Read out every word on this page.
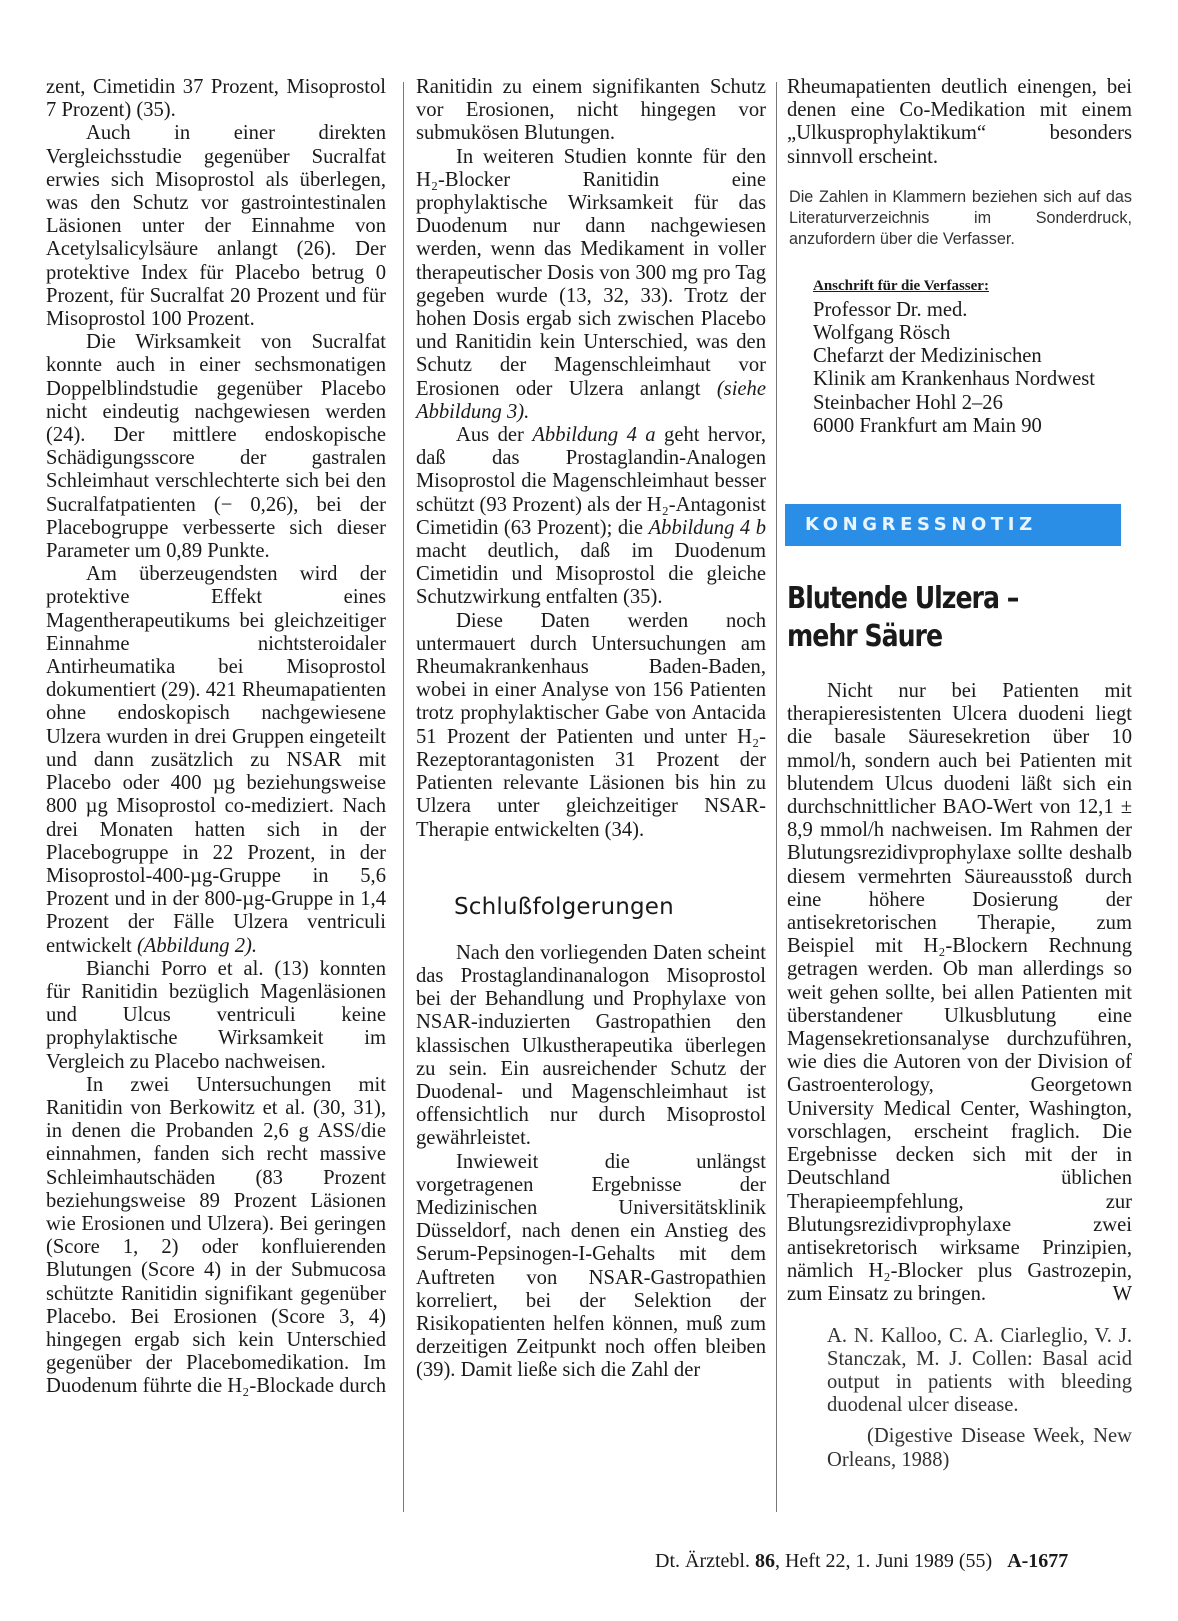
zent, Cimetidin 37 Prozent, Misoprostol 7 Prozent) (35).

Auch in einer direkten Vergleichsstudie gegenüber Sucralfat erwies sich Misoprostol als überlegen, was den Schutz vor gastrointestinalen Läsionen unter der Einnahme von Acetylsalicylsäure anlangt (26). Der protektive Index für Placebo betrug 0 Prozent, für Sucralfat 20 Prozent und für Misoprostol 100 Prozent.

Die Wirksamkeit von Sucralfat konnte auch in einer sechsmonatigen Doppelblindstudie gegenüber Placebo nicht eindeutig nachgewiesen werden (24). Der mittlere endoskopische Schädigungsscore der gastralen Schleimhaut verschlechterte sich bei den Sucralfatpatienten (− 0,26), bei der Placebogruppe verbesserte sich dieser Parameter um 0,89 Punkte.

Am überzeugendsten wird der protektive Effekt eines Magentherapeutikums bei gleichzeitiger Einnahme nichtsteroidaler Antirheumatika bei Misoprostol dokumentiert (29). 421 Rheumapatienten ohne endoskopisch nachgewiesene Ulzera wurden in drei Gruppen eingeteilt und dann zusätzlich zu NSAR mit Placebo oder 400 µg beziehungsweise 800 µg Misoprostol co-mediziert. Nach drei Monaten hatten sich in der Placebogruppe in 22 Prozent, in der Misoprostol-400-µg-Gruppe in 5,6 Prozent und in der 800-µg-Gruppe in 1,4 Prozent der Fälle Ulzera ventriculi entwickelt (Abbildung 2).

Bianchi Porro et al. (13) konnten für Ranitidin bezüglich Magenläsionen und Ulcus ventriculi keine prophylaktische Wirksamkeit im Vergleich zu Placebo nachweisen.

In zwei Untersuchungen mit Ranitidin von Berkowitz et al. (30, 31), in denen die Probanden 2,6 g ASS/die einnahmen, fanden sich recht massive Schleimhautschäden (83 Prozent beziehungsweise 89 Prozent Läsionen wie Erosionen und Ulzera). Bei geringen (Score 1, 2) oder konfluierenden Blutungen (Score 4) in der Submucosa schützte Ranitidin signifikant gegenüber Placebo. Bei Erosionen (Score 3, 4) hingegen ergab sich kein Unterschied gegenüber der Placebomedikation. Im Duodenum führte die H₂-Blockade durch

Ranitidin zu einem signifikanten Schutz vor Erosionen, nicht hingegen vor submukösen Blutungen.

In weiteren Studien konnte für den H₂-Blocker Ranitidin eine prophylaktische Wirksamkeit für das Duodenum nur dann nachgewiesen werden, wenn das Medikament in voller therapeutischer Dosis von 300 mg pro Tag gegeben wurde (13, 32, 33). Trotz der hohen Dosis ergab sich zwischen Placebo und Ranitidin kein Unterschied, was den Schutz der Magenschleimhaut vor Erosionen oder Ulzera anlangt (siehe Abbildung 3).

Aus der Abbildung 4 a geht hervor, daß das Prostaglandin-Analogen Misoprostol die Magenschleimhaut besser schützt (93 Prozent) als der H₂-Antagonist Cimetidin (63 Prozent); die Abbildung 4 b macht deutlich, daß im Duodenum Cimetidin und Misoprostol die gleiche Schutzwirkung entfalten (35).

Diese Daten werden noch untermauert durch Untersuchungen am Rheumakrankenhaus Baden-Baden, wobei in einer Analyse von 156 Patienten trotz prophylaktischer Gabe von Antacida 51 Prozent der Patienten und unter H₂-Rezeptorantagonisten 31 Prozent der Patienten relevante Läsionen bis hin zu Ulzera unter gleichzeitiger NSAR-Therapie entwickelten (34).

Schlußfolgerungen

Nach den vorliegenden Daten scheint das Prostaglandinanalogon Misoprostol bei der Behandlung und Prophylaxe von NSAR-induzierten Gastropathien den klassischen Ulkustherapeutika überlegen zu sein. Ein ausreichender Schutz der Duodenal- und Magenschleimhaut ist offensichtlich nur durch Misoprostol gewährleistet.

Inwieweit die unlängst vorgetragenen Ergebnisse der Medizinischen Universitätsklinik Düsseldorf, nach denen ein Anstieg des Serum-Pepsinogen-I-Gehalts mit dem Auftreten von NSAR-Gastropathien korreliert, bei der Selektion der Risikopatienten helfen können, muß zum derzeitigen Zeitpunkt noch offen bleiben (39). Damit ließe sich die Zahl der

Rheumapatienten deutlich einengen, bei denen eine Co-Medikation mit einem „Ulkusprophylaktikum“ besonders sinnvoll erscheint.

Die Zahlen in Klammern beziehen sich auf das Literaturverzeichnis im Sonderdruck, anzufordern über die Verfasser.
Anschrift für die Verfasser:
Professor Dr. med.
Wolfgang Rösch
Chefarzt der Medizinischen
Klinik am Krankenhaus Nordwest
Steinbacher Hohl 2–26
6000 Frankfurt am Main 90
KONGRESSNOTIZ
Blutende Ulzera –
mehr Säure

Nicht nur bei Patienten mit therapieresistenten Ulcera duodeni liegt die basale Säuresekretion über 10 mmol/h, sondern auch bei Patienten mit blutendem Ulcus duodeni läßt sich ein durchschnittlicher BAO-Wert von 12,1 ± 8,9 mmol/h nachweisen. Im Rahmen der Blutungsrezidivprophylaxe sollte deshalb diesem vermehrten Säureausstoß durch eine höhere Dosierung der antisekretorischen Therapie, zum Beispiel mit H₂-Blockern Rechnung getragen werden. Ob man allerdings so weit gehen sollte, bei allen Patienten mit überstandener Ulkusblutung eine Magensekretionsanalyse durchzuführen, wie dies die Autoren von der Division of Gastroenterology, Georgetown University Medical Center, Washington, vorschlagen, erscheint fraglich. Die Ergebnisse decken sich mit der in Deutschland üblichen Therapieempfehlung, zur Blutungsrezidivprophylaxe zwei antisekretorisch wirksame Prinzipien, nämlich H₂-Blocker plus Gastrozepin, zum Einsatz zu bringen.	W

A. N. Kalloo, C. A. Ciarleglio, V. J. Stanczak, M. J. Collen: Basal acid output in patients with bleeding duodenal ulcer disease.

(Digestive Disease Week, New Orleans, 1988)

Dt. Ärztebl. 86, Heft 22, 1. Juni 1989 (55) A-1677
